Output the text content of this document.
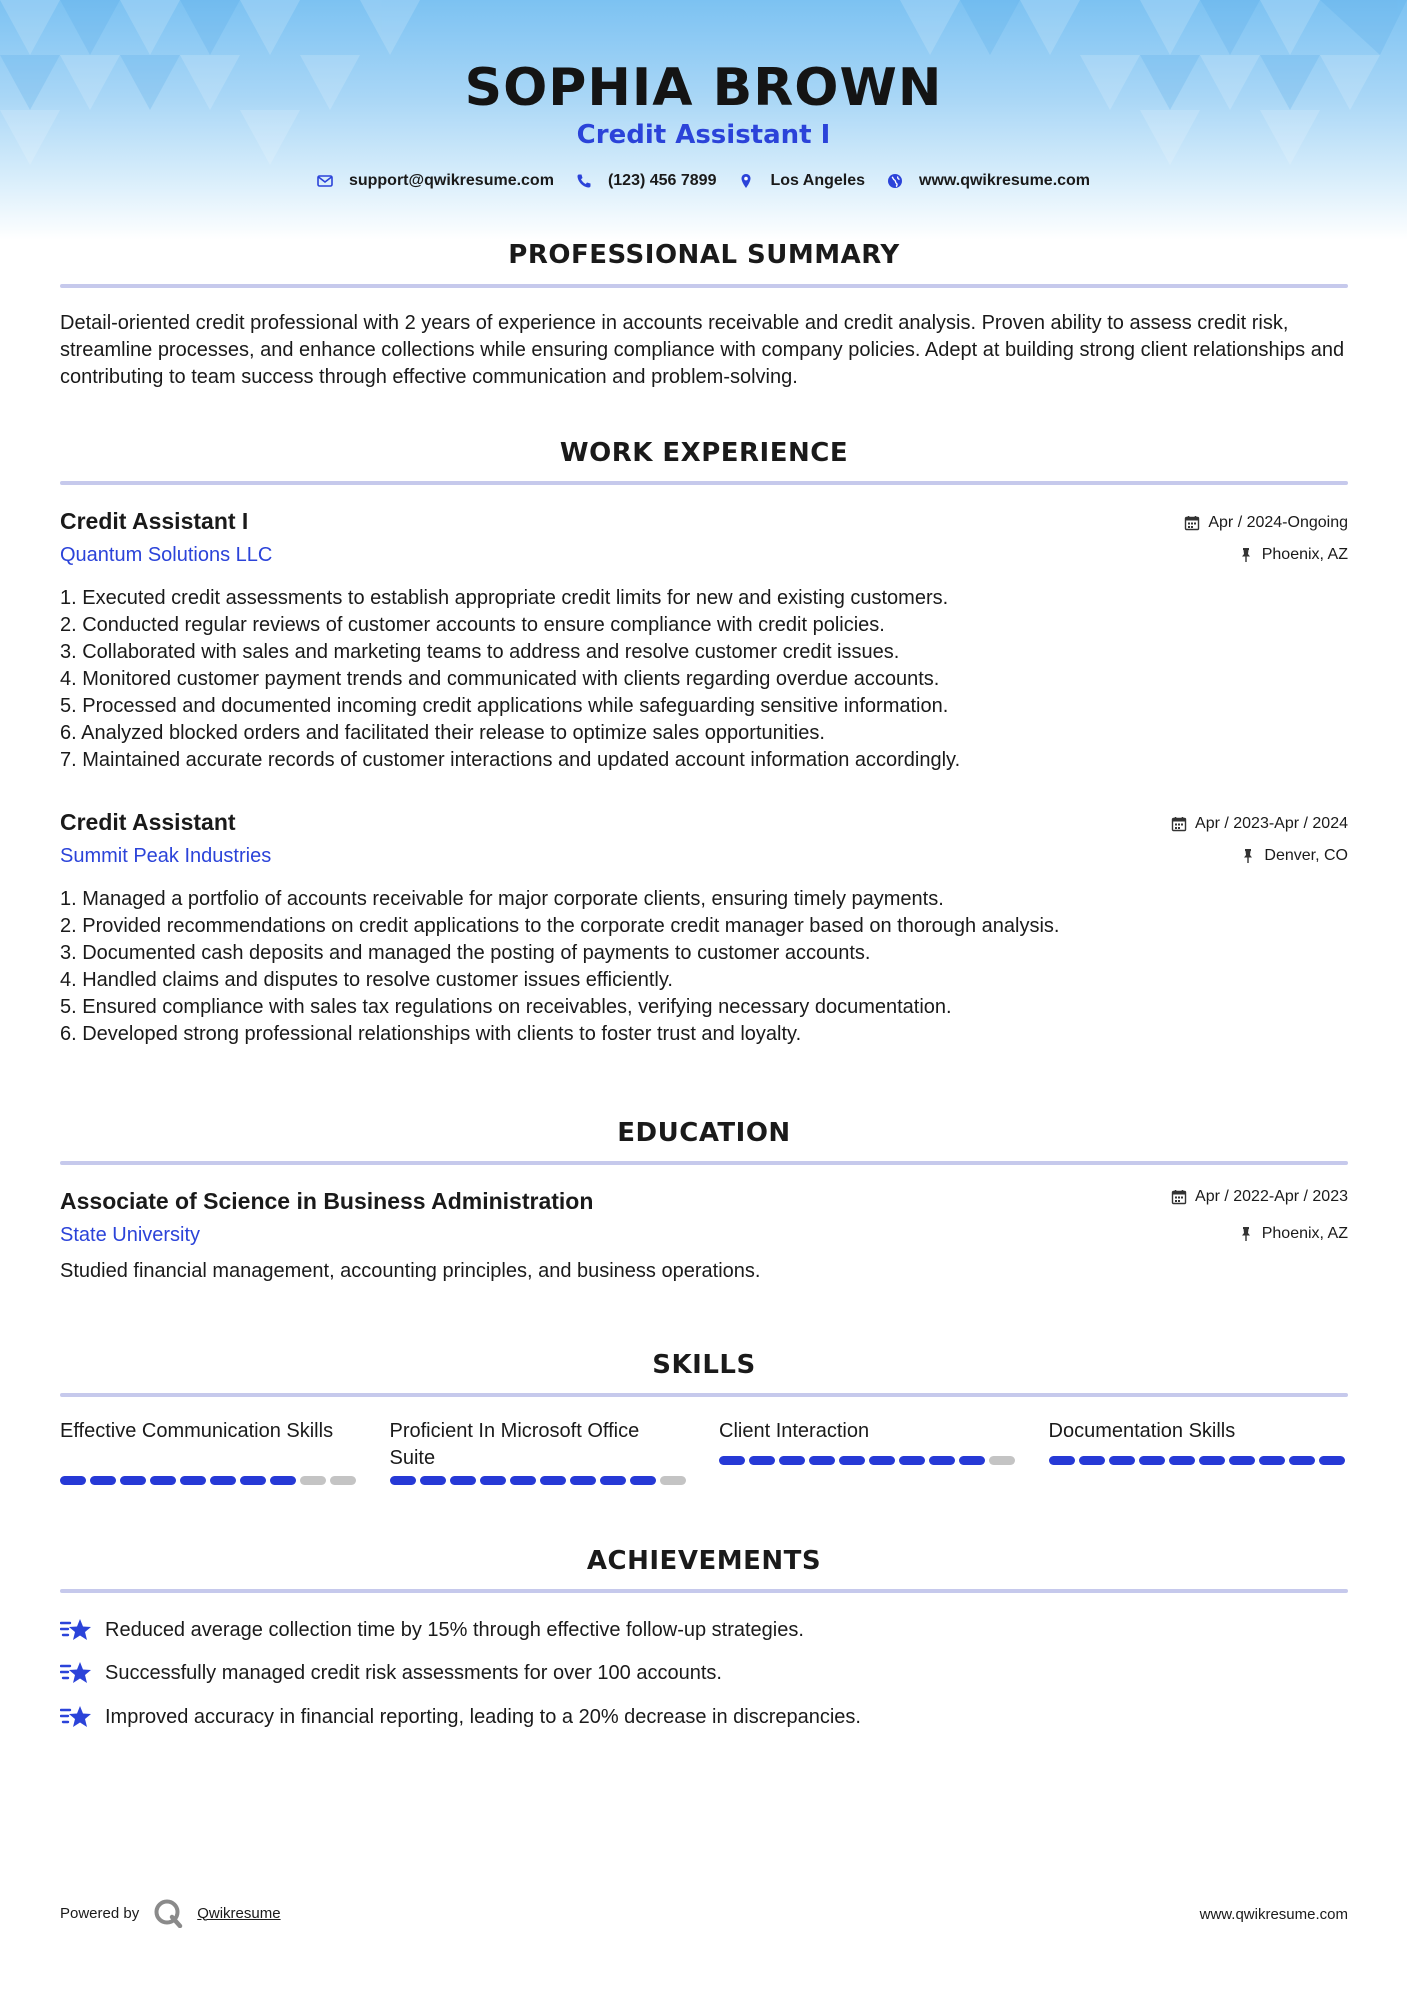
SOPHIA BROWN
Credit Assistant I
support@qwikresume.com	(123) 456 7899	Los Angeles	www.qwikresume.com
PROFESSIONAL SUMMARY

Detail-oriented credit professional with 2 years of experience in accounts receivable and credit analysis. Proven ability to assess credit risk, streamline processes, and enhance collections while ensuring compliance with company policies. Adept at building strong client relationships and contributing to team success through effective communication and problem-solving.

WORK EXPERIENCE
Credit Assistant I
Quantum Solutions LLC
Apr / 2024-Ongoing
Phoenix, AZ
1. Executed credit assessments to establish appropriate credit limits for new and existing customers.
2. Conducted regular reviews of customer accounts to ensure compliance with credit policies.
3. Collaborated with sales and marketing teams to address and resolve customer credit issues.
4. Monitored customer payment trends and communicated with clients regarding overdue accounts.
5. Processed and documented incoming credit applications while safeguarding sensitive information.
6. Analyzed blocked orders and facilitated their release to optimize sales opportunities.
7. Maintained accurate records of customer interactions and updated account information accordingly.
Credit Assistant
Summit Peak Industries
Apr / 2023-Apr / 2024
Denver, CO
1. Managed a portfolio of accounts receivable for major corporate clients, ensuring timely payments.
2. Provided recommendations on credit applications to the corporate credit manager based on thorough analysis.
3. Documented cash deposits and managed the posting of payments to customer accounts.
4. Handled claims and disputes to resolve customer issues efficiently.
5. Ensured compliance with sales tax regulations on receivables, verifying necessary documentation.
6. Developed strong professional relationships with clients to foster trust and loyalty.
EDUCATION
Associate of Science in Business Administration
State University
Apr / 2022-Apr / 2023
Phoenix, AZ
Studied financial management, accounting principles, and business operations.
SKILLS
Effective Communication Skills	Proficient In Microsoft Office Suite
Client Interaction	Documentation Skills
ACHIEVEMENTS
Reduced average collection time by 15% through effective follow-up strategies.
Successfully managed credit risk assessments for over 100 accounts.
Improved accuracy in financial reporting, leading to a 20% decrease in discrepancies.
Powered by	Qwikresume	www.qwikresume.com
